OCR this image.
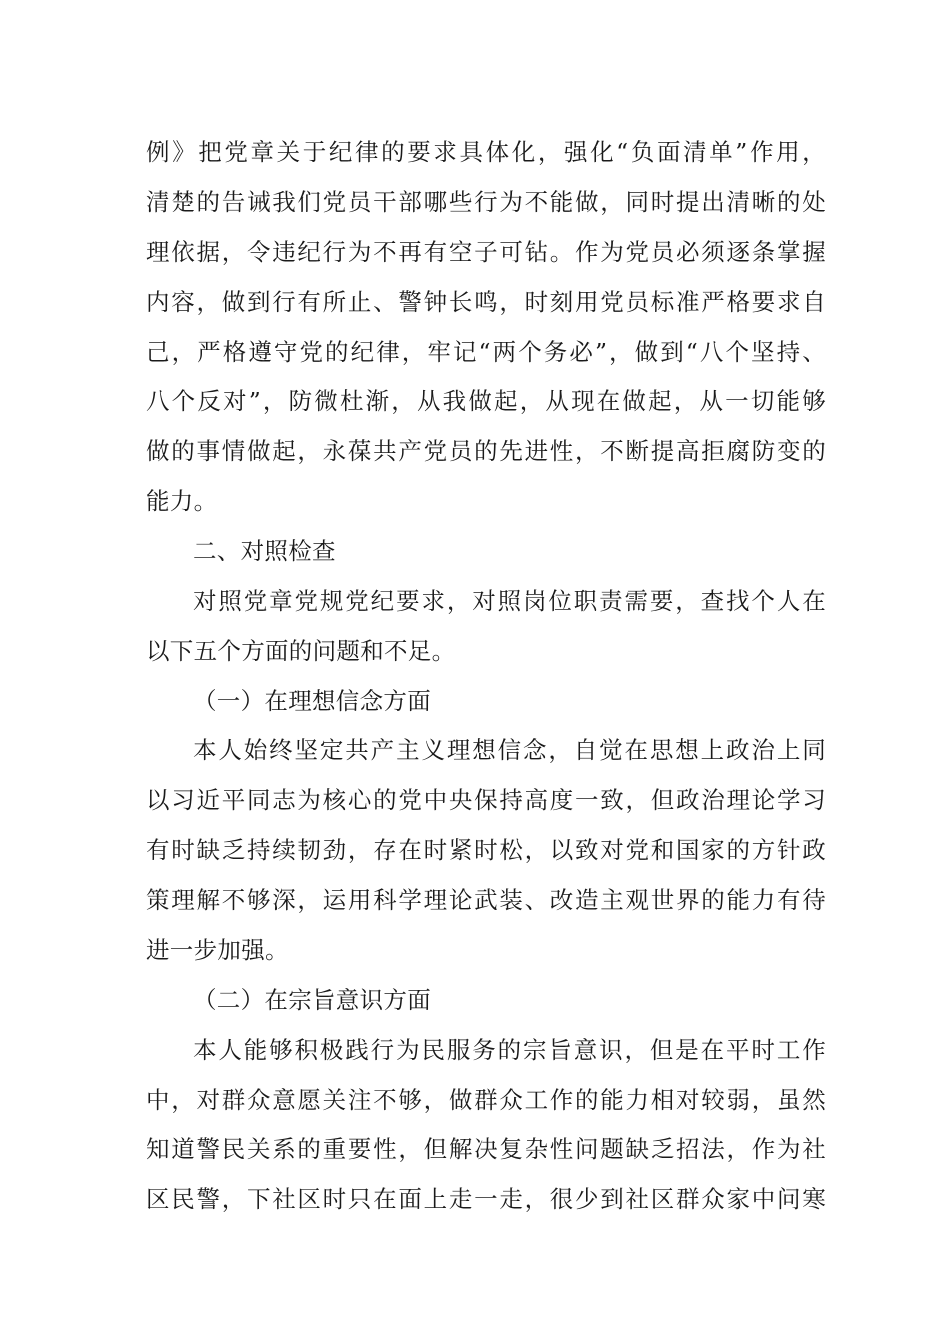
例》把党章关于纪律的要求具体化，强化“负面清单”作用，
清楚的告诫我们党员干部哪些行为不能做，同时提出清晰的处
理依据，令违纪行为不再有空子可钻。作为党员必须逐条掌握
内容，做到行有所止、警钟长鸣，时刻用党员标准严格要求自
己，严格遵守党的纪律，牢记“两个务必”，做到“八个坚持、
八个反对”，防微杜渐，从我做起，从现在做起，从一切能够
做的事情做起，永葆共产党员的先进性，不断提高拒腐防变的
能力。
二、对照检查
对照党章党规党纪要求，对照岗位职责需要，查找个人在
以下五个方面的问题和不足。
（一）在理想信念方面
本人始终坚定共产主义理想信念，自觉在思想上政治上同
以习近平同志为核心的党中央保持高度一致，但政治理论学习
有时缺乏持续韧劲，存在时紧时松，以致对党和国家的方针政
策理解不够深，运用科学理论武装、改造主观世界的能力有待
进一步加强。
（二）在宗旨意识方面
本人能够积极践行为民服务的宗旨意识，但是在平时工作
中，对群众意愿关注不够，做群众工作的能力相对较弱，虽然
知道警民关系的重要性，但解决复杂性问题缺乏招法，作为社
区民警，下社区时只在面上走一走，很少到社区群众家中问寒
